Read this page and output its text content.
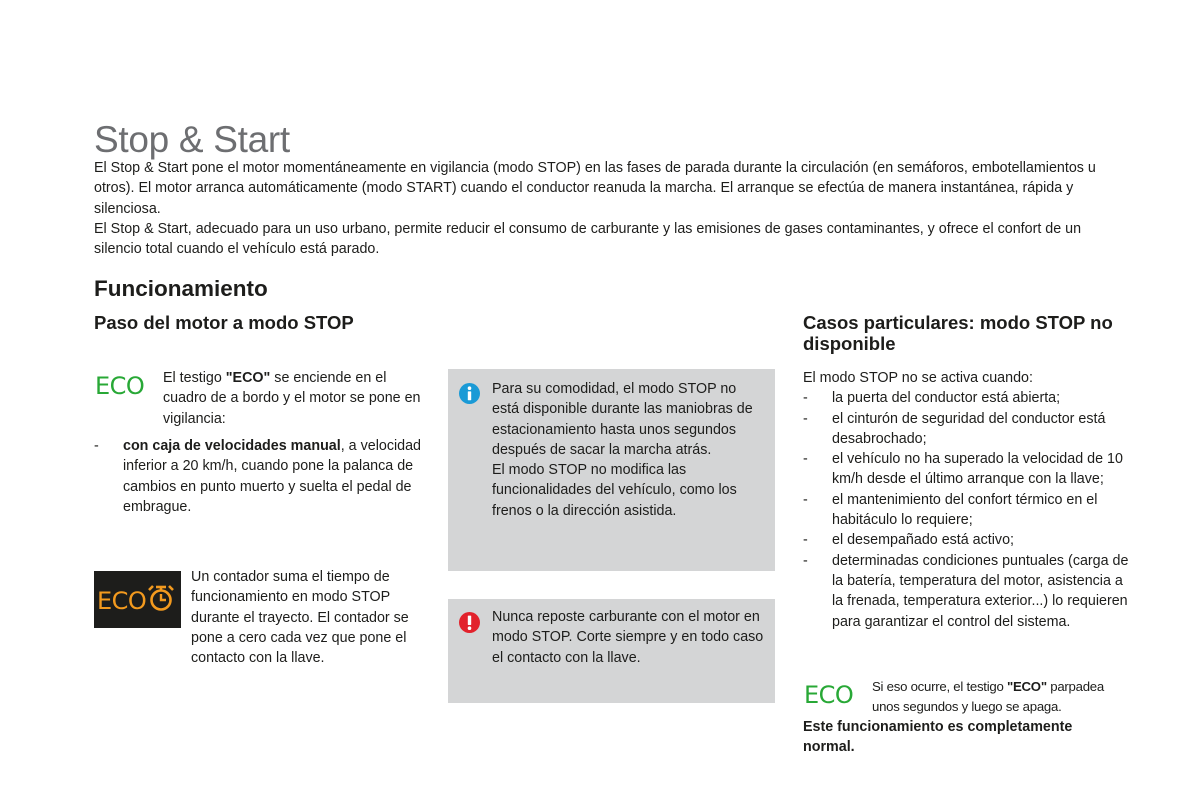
Stop & Start

El Stop & Start pone el motor momentáneamente en vigilancia (modo STOP) en las fases de parada durante la circulación (en semáforos, embotellamientos u otros). El motor arranca automáticamente (modo START) cuando el conductor reanuda la marcha. El arranque se efectúa de manera instantánea, rápida y silenciosa.

El Stop & Start, adecuado para un uso urbano, permite reducir el consumo de carburante y las emisiones de gases contaminantes, y ofrece el confort de un silencio total cuando el vehículo está parado.

Funcionamiento
Paso del motor a modo STOP
ECO El testigo "ECO" se enciende en el cuadro de a bordo y el motor se pone en vigilancia:
- con caja de velocidades manual, a velocidad inferior a 20 km/h, cuando pone la palanca de cambios en punto muerto y suelta el pedal de embrague.
ECO
Un contador suma el tiempo de funcionamiento en modo STOP durante el trayecto. El contador se pone a cero cada vez que pone el contacto con la llave.
Para su comodidad, el modo STOP no está disponible durante las maniobras de estacionamiento hasta unos segundos después de sacar la marcha atrás.
El modo STOP no modifica las funcionalidades del vehículo, como los frenos o la dirección asistida.
Nunca reposte carburante con el motor en modo STOP. Corte siempre y en todo caso el contacto con la llave.
Casos particulares: modo STOP no disponible
El modo STOP no se activa cuando:
- la puerta del conductor está abierta;
- el cinturón de seguridad del conductor está desabrochado;
- el vehículo no ha superado la velocidad de 10 km/h desde el último arranque con la llave;
- el mantenimiento del confort térmico en el habitáculo lo requiere;
- el desempañado está activo;
- determinadas condiciones puntuales (carga de la batería, temperatura del motor, asistencia a la frenada, temperatura exterior...) lo requieren para garantizar el control del sistema.
ECO Si eso ocurre, el testigo "ECO" parpadea unos segundos y luego se apaga.
Este funcionamiento es completamente normal.
